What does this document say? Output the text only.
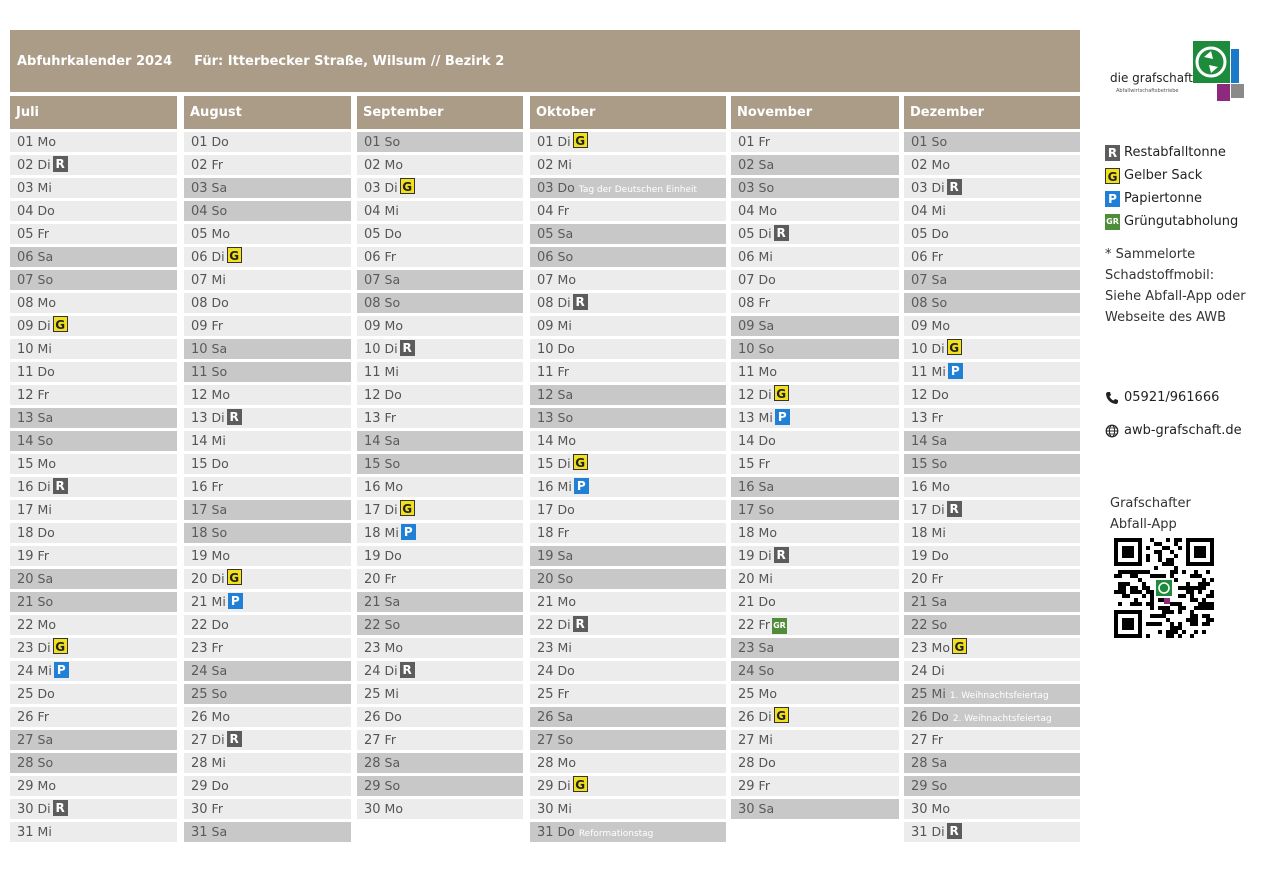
Abfuhrkalender 2024 Für: Itterbecker Straße, Wilsum // Bezirk 2
Juli
01 Mo
02 Di R
03 Mi
04 Do
05 Fr
06 Sa
07 So
08 Mo
09 Di G
10 Mi
11 Do
12 Fr
13 Sa
14 So
15 Mo
16 Di R
17 Mi
18 Do
19 Fr
20 Sa
21 So
22 Mo
23 Di G
24 Mi P
25 Do
26 Fr
27 Sa
28 So
29 Mo
30 Di R
31 Mi
August
01 Do
02 Fr
03 Sa
04 So
05 Mo
06 Di G
07 Mi
08 Do
09 Fr
10 Sa
11 So
12 Mo
13 Di R
14 Mi
15 Do
16 Fr
17 Sa
18 So
19 Mo
20 Di G
21 Mi P
22 Do
23 Fr
24 Sa
25 So
26 Mo
27 Di R
28 Mi
29 Do
30 Fr
31 Sa
September
01 So
02 Mo
03 Di G
04 Mi
05 Do
06 Fr
07 Sa
08 So
09 Mo
10 Di R
11 Mi
12 Do
13 Fr
14 Sa
15 So
16 Mo
17 Di G
18 Mi P
19 Do
20 Fr
21 Sa
22 So
23 Mo
24 Di R
25 Mi
26 Do
27 Fr
28 Sa
29 So
30 Mo
Oktober
01 Di G
02 Mi
03 Do Tag der Deutschen Einheit
04 Fr
05 Sa
06 So
07 Mo
08 Di R
09 Mi
10 Do
11 Fr
12 Sa
13 So
14 Mo
15 Di G
16 Mi P
17 Do
18 Fr
19 Sa
20 So
21 Mo
22 Di R
23 Mi
24 Do
25 Fr
26 Sa
27 So
28 Mo
29 Di G
30 Mi
31 Do Reformationstag
November
01 Fr
02 Sa
03 So
04 Mo
05 Di R
06 Mi
07 Do
08 Fr
09 Sa
10 So
11 Mo
12 Di G
13 Mi P
14 Do
15 Fr
16 Sa
17 So
18 Mo
19 Di R
20 Mi
21 Do
22 Fr GR
23 Sa
24 So
25 Mo
26 Di G
27 Mi
28 Do
29 Fr
30 Sa
Dezember
01 So
02 Mo
03 Di R
04 Mi
05 Do
06 Fr
07 Sa
08 So
09 Mo
10 Di G
11 Mi P
12 Do
13 Fr
14 Sa
15 So
16 Mo
17 Di R
18 Mi
19 Do
20 Fr
21 Sa
22 So
23 Mo G
24 Di
25 Mi 1. Weihnachtsfeiertag
26 Do 2. Weihnachtsfeiertag
27 Fr
28 Sa
29 So
30 Mo
31 Di R
die grafschaft
Abfallwirtschaftsbetriebe
R Restabfalltonne
G Gelber Sack
P Papiertonne
GR Grüngutabholung
* Sammelorte
Schadstoffmobil:
Siehe Abfall-App oder
Webseite des AWB
05921/961666
awb-grafschaft.de
Grafschafter
Abfall-App
